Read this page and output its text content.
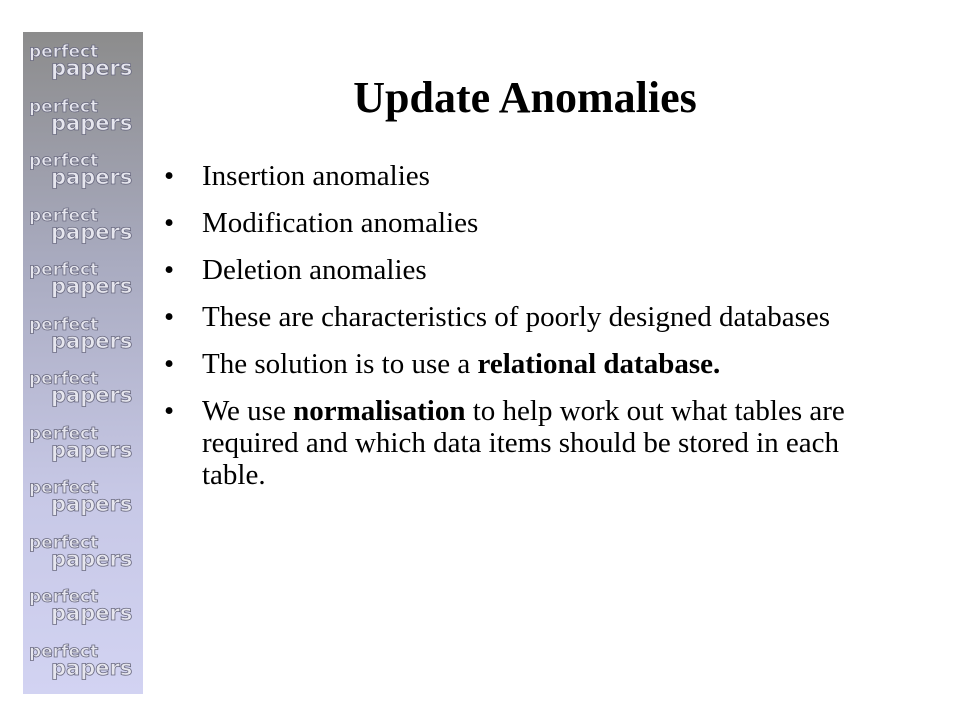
perfect
papers
perfect
papers
perfect
papers
perfect
papers
perfect
papers
perfect
papers
perfect
papers
perfect
papers
perfect
papers
perfect
papers
perfect
papers
perfect
papers
Update Anomalies
• Insertion anomalies
• Modification anomalies
• Deletion anomalies
• These are characteristics of poorly designed databases
• The solution is to use a relational database.
• We use normalisation to help work out what tables are required and which data items should be stored in each table.
